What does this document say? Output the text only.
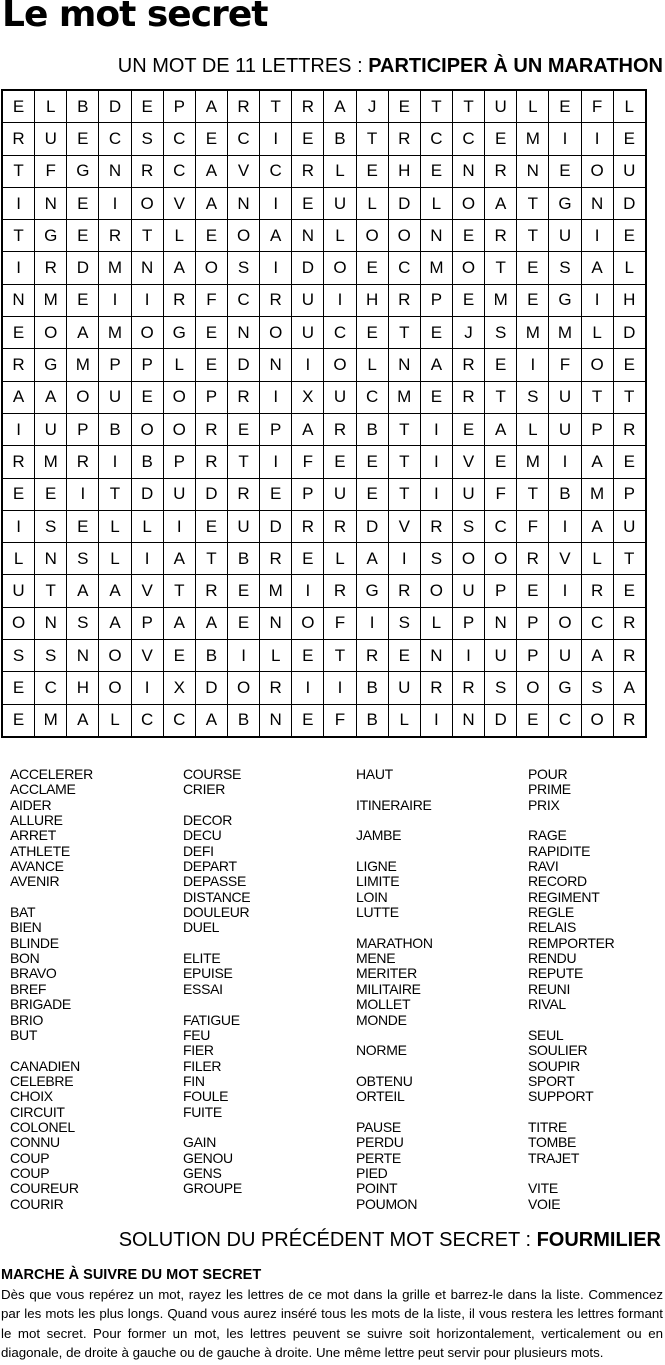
Le mot secret
UN MOT DE 11 LETTRES : PARTICIPER À UN MARATHON
E	L	B	D	E	P	A	R	T	R	A	J	E	T	T	U	L	E	F	L
R	U	E	C	S	C	E	C	I	E	B	T	R	C	C	E	M	I	I	E
T	F	G	N	R	C	A	V	C	R	L	E	H	E	N	R	N	E	O	U
I	N	E	I	O	V	A	N	I	E	U	L	D	L	O	A	T	G	N	D
T	G	E	R	T	L	E	O	A	N	L	O	O	N	E	R	T	U	I	E
I	R	D	M	N	A	O	S	I	D	O	E	C	M	O	T	E	S	A	L
N	M	E	I	I	R	F	C	R	U	I	H	R	P	E	M	E	G	I	H
E	O	A	M	O	G	E	N	O	U	C	E	T	E	J	S	M	M	L	D
R	G	M	P	P	L	E	D	N	I	O	L	N	A	R	E	I	F	O	E
A	A	O	U	E	O	P	R	I	X	U	C	M	E	R	T	S	U	T	T
I	U	P	B	O	O	R	E	P	A	R	B	T	I	E	A	L	U	P	R
R	M	R	I	B	P	R	T	I	F	E	E	T	I	V	E	M	I	A	E
E	E	I	T	D	U	D	R	E	P	U	E	T	I	U	F	T	B	M	P
I	S	E	L	L	I	E	U	D	R	R	D	V	R	S	C	F	I	A	U
L	N	S	L	I	A	T	B	R	E	L	A	I	S	O	O	R	V	L	T
U	T	A	A	V	T	R	E	M	I	R	G	R	O	U	P	E	I	R	E
O	N	S	A	P	A	A	E	N	O	F	I	S	L	P	N	P	O	C	R
S	S	N	O	V	E	B	I	L	E	T	R	E	N	I	U	P	U	A	R
E	C	H	O	I	X	D	O	R	I	I	B	U	R	R	S	O	G	S	A
E	M	A	L	C	C	A	B	N	E	F	B	L	I	N	D	E	C	O	R
ACCELERER
ACCLAME
AIDER
ALLURE
ARRET
ATHLETE
AVANCE
AVENIR
BAT
BIEN
BLINDE
BON
BRAVO
BREF
BRIGADE
BRIO
BUT
CANADIEN
CELEBRE
CHOIX
CIRCUIT
COLONEL
CONNU
COUP
COUP
COUREUR
COURIR
COURSE
CRIER
DECOR
DECU
DEFI
DEPART
DEPASSE
DISTANCE
DOULEUR
DUEL
ELITE
EPUISE
ESSAI
FATIGUE
FEU
FIER
FILER
FIN
FOULE
FUITE
GAIN
GENOU
GENS
GROUPE
HAUT
ITINERAIRE
JAMBE
LIGNE
LIMITE
LOIN
LUTTE
MARATHON
MENE
MERITER
MILITAIRE
MOLLET
MONDE
NORME
OBTENU
ORTEIL
PAUSE
PERDU
PERTE
PIED
POINT
POUMON
POUR
PRIME
PRIX
RAGE
RAPIDITE
RAVI
RECORD
REGIMENT
REGLE
RELAIS
REMPORTER
RENDU
REPUTE
REUNI
RIVAL
SEUL
SOULIER
SOUPIR
SPORT
SUPPORT
TITRE
TOMBE
TRAJET
VITE
VOIE
SOLUTION DU PRÉCÉDENT MOT SECRET : FOURMILIER
MARCHE À SUIVRE DU MOT SECRET
Dès que vous repérez un mot, rayez les lettres de ce mot dans la grille et barrez-le dans la liste. Commencez par les mots les plus longs. Quand vous aurez inséré tous les mots de la liste, il vous restera les lettres formant le mot secret. Pour former un mot, les lettres peuvent se suivre soit horizontalement, verticalement ou en diagonale, de droite à gauche ou de gauche à droite. Une même lettre peut servir pour plusieurs mots.
